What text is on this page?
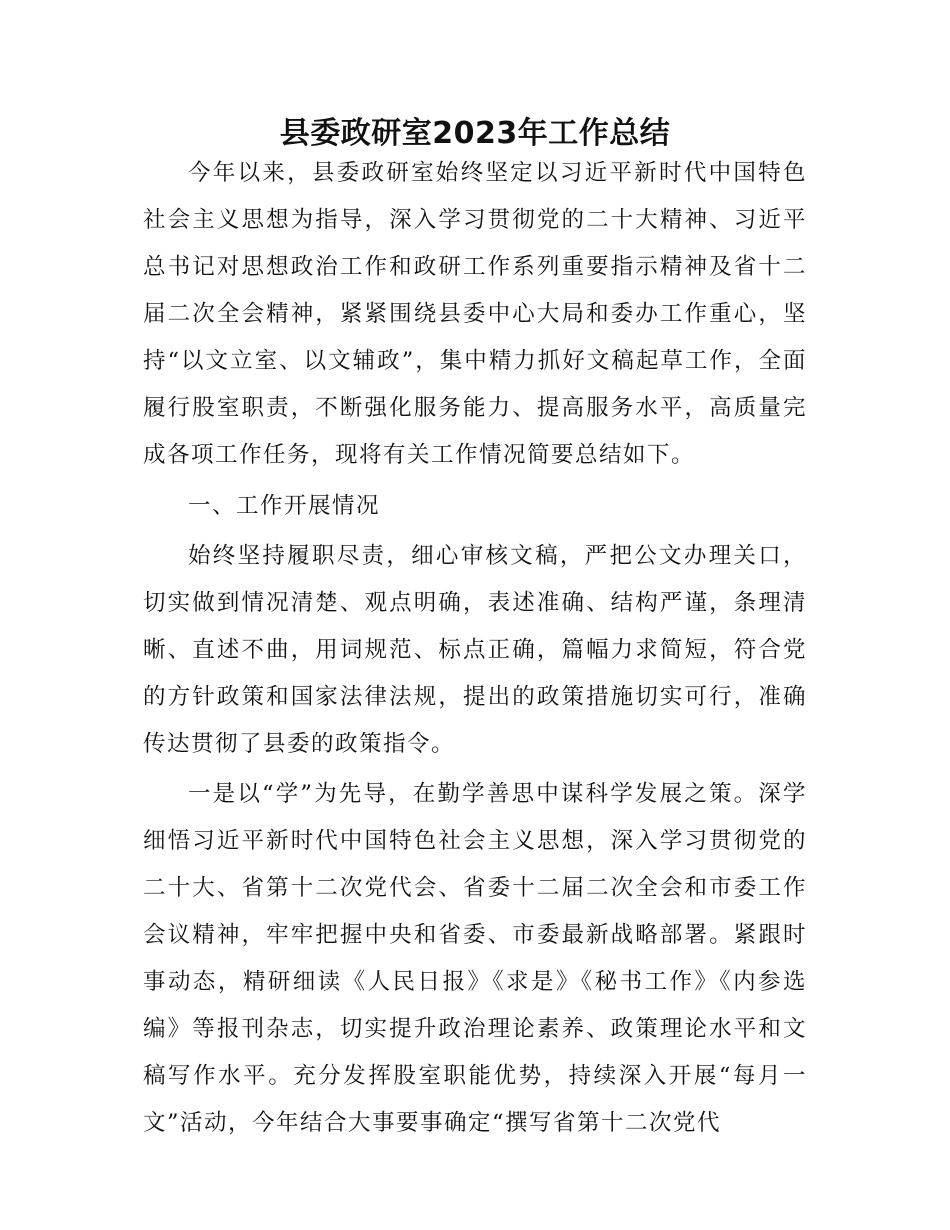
县委政研室2023年工作总结

今年以来，县委政研室始终坚定以习近平新时代中国特色社会主义思想为指导，深入学习贯彻党的二十大精神、习近平总书记对思想政治工作和政研工作系列重要指示精神及省十二届二次全会精神，紧紧围绕县委中心大局和委办工作重心，坚持“以文立室、以文辅政”，集中精力抓好文稿起草工作，全面履行股室职责，不断强化服务能力、提高服务水平，高质量完成各项工作任务，现将有关工作情况简要总结如下。

一、工作开展情况

始终坚持履职尽责，细心审核文稿，严把公文办理关口，切实做到情况清楚、观点明确，表述准确、结构严谨，条理清晰、直述不曲，用词规范、标点正确，篇幅力求简短，符合党的方针政策和国家法律法规，提出的政策措施切实可行，准确传达贯彻了县委的政策指令。

一是以“学”为先导，在勤学善思中谋科学发展之策。深学细悟习近平新时代中国特色社会主义思想，深入学习贯彻党的二十大、省第十二次党代会、省委十二届二次全会和市委工作会议精神，牢牢把握中央和省委、市委最新战略部署。紧跟时事动态，精研细读《人民日报》《求是》《秘书工作》《内参选编》等报刊杂志，切实提升政治理论素养、政策理论水平和文稿写作水平。充分发挥股室职能优势，持续深入开展“每月一文”活动，今年结合大事要事确定“撰写省第十二次党代
